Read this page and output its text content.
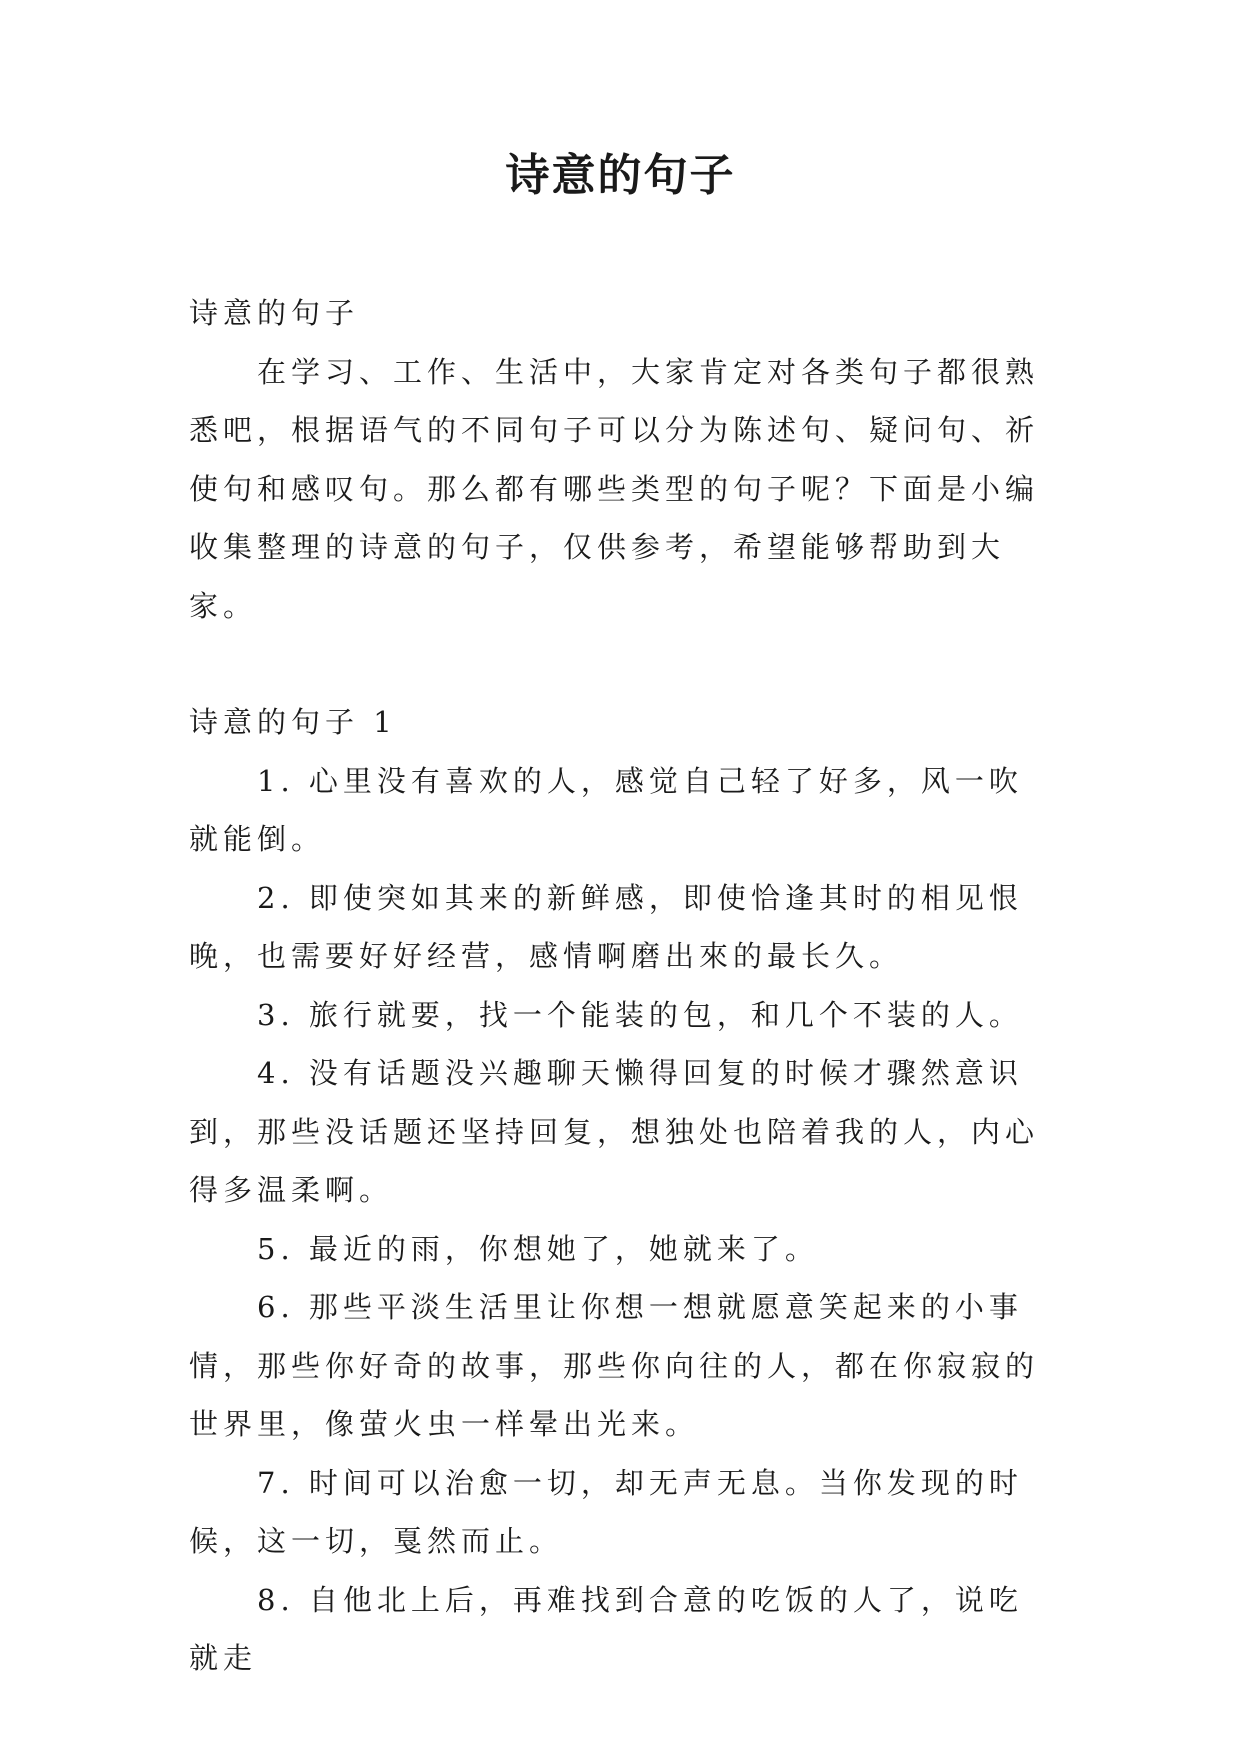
诗意的句子

诗意的句子

在学习、工作、生活中，大家肯定对各类句子都很熟悉吧，根据语气的不同句子可以分为陈述句、疑问句、祈使句和感叹句。那么都有哪些类型的句子呢？下面是小编收集整理的诗意的句子，仅供参考，希望能够帮助到大家。

诗意的句子 1

1. 心里没有喜欢的人，感觉自己轻了好多，风一吹就能倒。

2. 即使突如其来的新鲜感，即使恰逢其时的相见恨晚，也需要好好经营，感情啊磨出來的最长久。

3. 旅行就要，找一个能装的包，和几个不装的人。

4. 没有话题没兴趣聊天懒得回复的时候才骤然意识到，那些没话题还坚持回复，想独处也陪着我的人，内心得多温柔啊。

5. 最近的雨，你想她了，她就来了。

6. 那些平淡生活里让你想一想就愿意笑起来的小事情，那些你好奇的故事，那些你向往的人，都在你寂寂的世界里，像萤火虫一样晕出光来。

7. 时间可以治愈一切，却无声无息。当你发现的时候，这一切，戛然而止。

8. 自他北上后，再难找到合意的吃饭的人了，说吃就走
